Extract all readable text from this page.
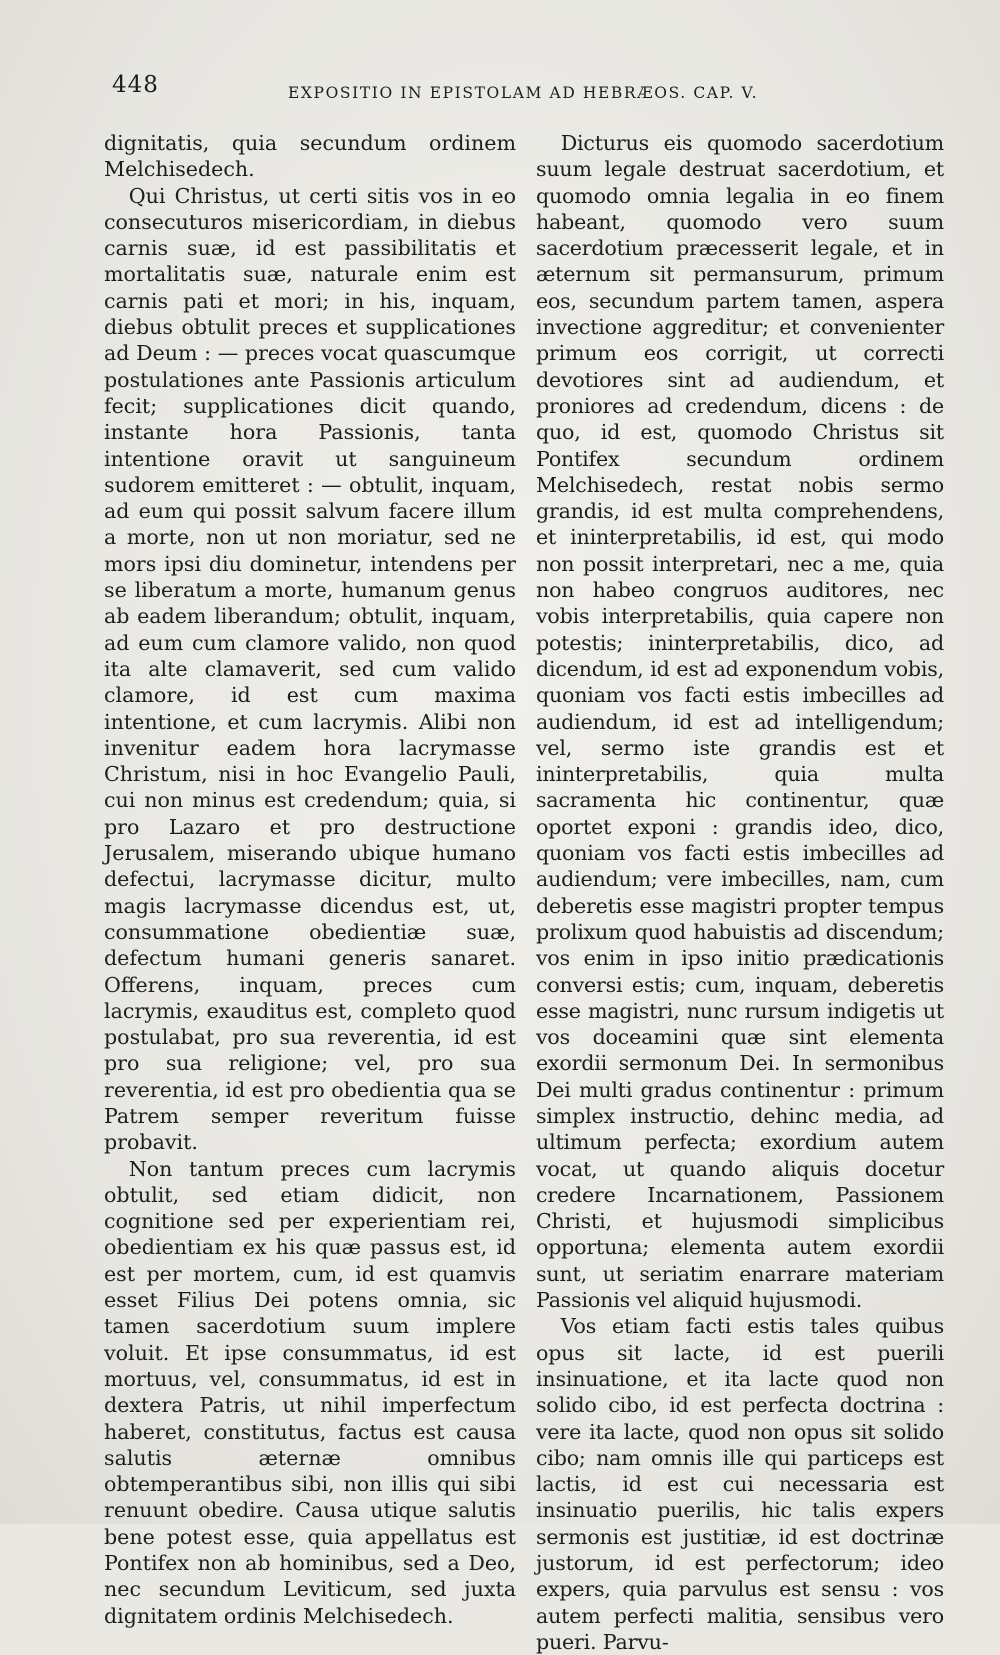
448	EXPOSITIO IN EPISTOLAM AD HEBRÆOS. CAP. V.

dignitatis, quia secundum ordinem Melchisedech.

Qui Christus, ut certi sitis vos in eo consecuturos misericordiam, in diebus carnis suæ, id est passibilitatis et mortalitatis suæ, naturale enim est carnis pati et mori; in his, inquam, diebus obtulit preces et supplicationes ad Deum : — preces vocat quascumque postulationes ante Passionis articulum fecit; supplicationes dicit quando, instante hora Passionis, tanta intentione oravit ut sanguineum sudorem emitteret : — obtulit, inquam, ad eum qui possit salvum facere illum a morte, non ut non moriatur, sed ne mors ipsi diu dominetur, intendens per se liberatum a morte, humanum genus ab eadem liberandum; obtulit, inquam, ad eum cum clamore valido, non quod ita alte clamaverit, sed cum valido clamore, id est cum maxima intentione, et cum lacrymis. Alibi non invenitur eadem hora lacrymasse Christum, nisi in hoc Evangelio Pauli, cui non minus est credendum; quia, si pro Lazaro et pro destructione Jerusalem, miserando ubique humano defectui, lacrymasse dicitur, multo magis lacrymasse dicendus est, ut, consummatione obedientiæ suæ, defectum humani generis sanaret. Offerens, inquam, preces cum lacrymis, exauditus est, completo quod postulabat, pro sua reverentia, id est pro sua religione; vel, pro sua reverentia, id est pro obedientia qua se Patrem semper reveritum fuisse probavit.

Non tantum preces cum lacrymis obtulit, sed etiam didicit, non cognitione sed per experientiam rei, obedientiam ex his quæ passus est, id est per mortem, cum, id est quamvis esset Filius Dei potens omnia, sic tamen sacerdotium suum implere voluit. Et ipse consummatus, id est mortuus, vel, consummatus, id est in dextera Patris, ut nihil imperfectum haberet, constitutus, factus est causa salutis æternæ omnibus obtemperantibus sibi, non illis qui sibi renuunt obedire. Causa utique salutis bene potest esse, quia appellatus est Pontifex non ab hominibus, sed a Deo, nec secundum Leviticum, sed juxta dignitatem ordinis Melchisedech.

Dicturus eis quomodo sacerdotium suum legale destruat sacerdotium, et quomodo omnia legalia in eo finem habeant, quomodo vero suum sacerdotium præcesserit legale, et in æternum sit permansurum, primum eos, secundum partem tamen, aspera invectione aggreditur; et convenienter primum eos corrigit, ut correcti devotiores sint ad audiendum, et proniores ad credendum, dicens : de quo, id est, quomodo Christus sit Pontifex secundum ordinem Melchisedech, restat nobis sermo grandis, id est multa comprehendens, et ininterpretabilis, id est, qui modo non possit interpretari, nec a me, quia non habeo congruos auditores, nec vobis interpretabilis, quia capere non potestis; ininterpretabilis, dico, ad dicendum, id est ad exponendum vobis, quoniam vos facti estis imbecilles ad audiendum, id est ad intelligendum; vel, sermo iste grandis est et ininterpretabilis, quia multa sacramenta hic continentur, quæ oportet exponi : grandis ideo, dico, quoniam vos facti estis imbecilles ad audiendum; vere imbecilles, nam, cum deberetis esse magistri propter tempus prolixum quod habuistis ad discendum; vos enim in ipso initio prædicationis conversi estis; cum, inquam, deberetis esse magistri, nunc rursum indigetis ut vos doceamini quæ sint elementa exordii sermonum Dei. In sermonibus Dei multi gradus continentur : primum simplex instructio, dehinc media, ad ultimum perfecta; exordium autem vocat, ut quando aliquis docetur credere Incarnationem, Passionem Christi, et hujusmodi simplicibus opportuna; elementa autem exordii sunt, ut seriatim enarrare materiam Passionis vel aliquid hujusmodi.

Vos etiam facti estis tales quibus opus sit lacte, id est puerili insinuatione, et ita lacte quod non solido cibo, id est perfecta doctrina : vere ita lacte, quod non opus sit solido cibo; nam omnis ille qui particeps est lactis, id est cui necessaria est insinuatio puerilis, hic talis expers sermonis est justitiæ, id est doctrinæ justorum, id est perfectorum; ideo expers, quia parvulus est sensu : vos autem perfecti malitia, sensibus vero pueri. Parvu-
